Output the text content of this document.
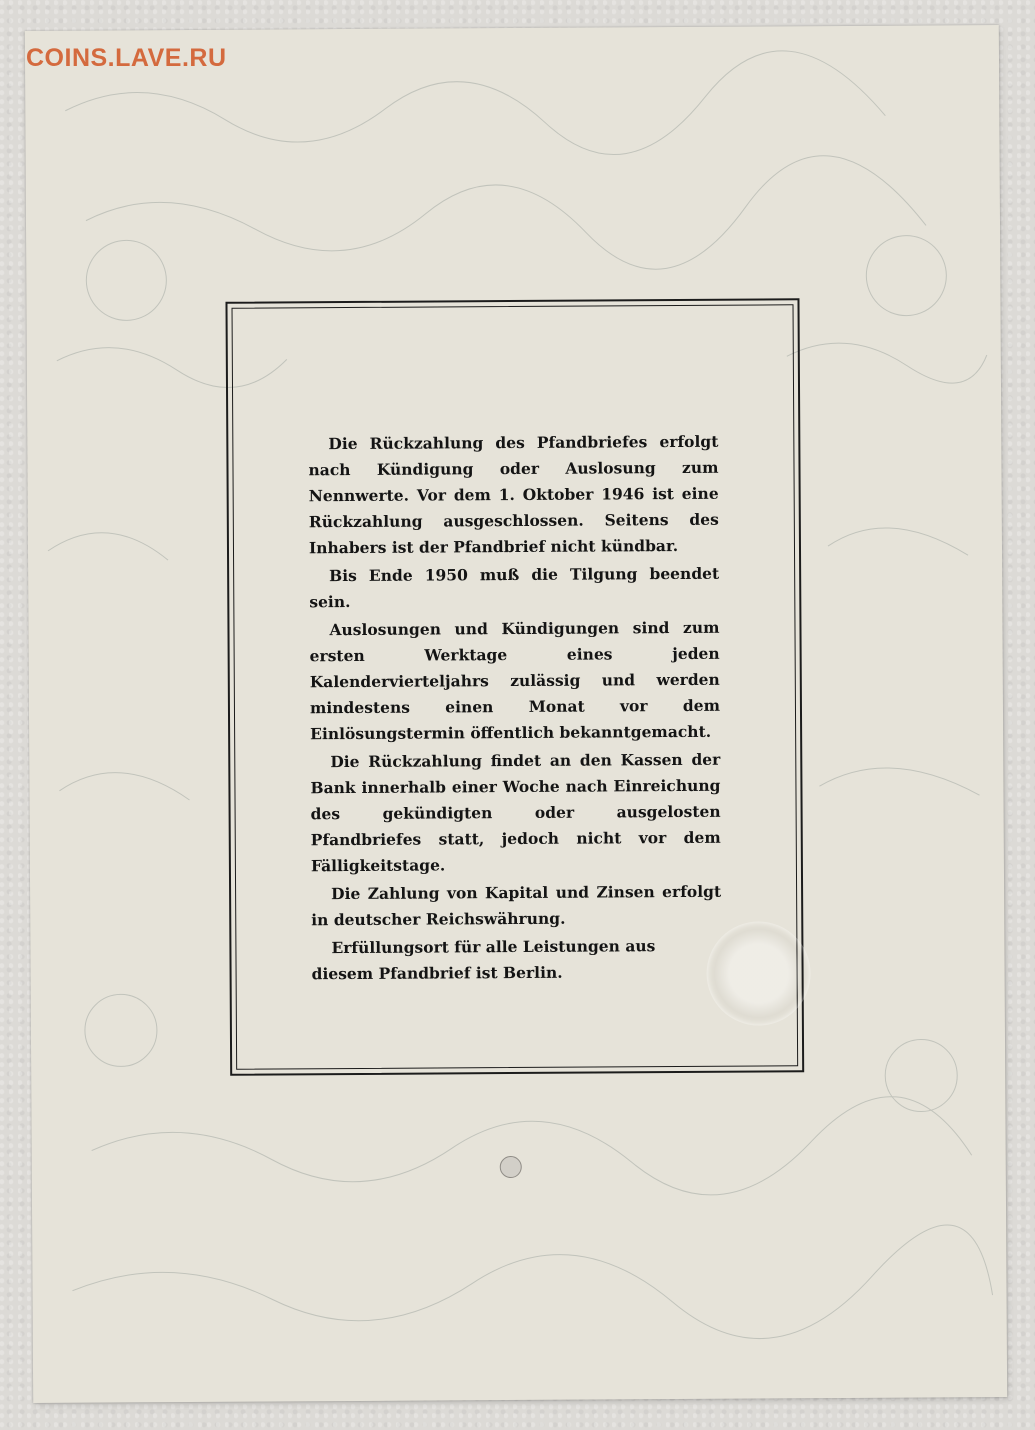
COINS.LAVE.RU

Die Rückzahlung des Pfandbriefes erfolgt nach Kündigung oder Auslosung zum Nennwerte. Vor dem 1. Oktober 1946 ist eine Rückzahlung ausgeschlossen. Seitens des Inhabers ist der Pfandbrief nicht kündbar.

Bis Ende 1950 muß die Tilgung beendet sein.

Auslosungen und Kündigungen sind zum ersten Werktage eines jeden Kalendervierteljahrs zulässig und werden mindestens einen Monat vor dem Einlösungstermin öffentlich bekanntgemacht.

Die Rückzahlung findet an den Kassen der Bank innerhalb einer Woche nach Einreichung des gekündigten oder ausgelosten Pfandbriefes statt, jedoch nicht vor dem Fälligkeitstage.

Die Zahlung von Kapital und Zinsen erfolgt in deutscher Reichswährung.

Erfüllungsort für alle Leistungen aus diesem Pfandbrief ist Berlin.
